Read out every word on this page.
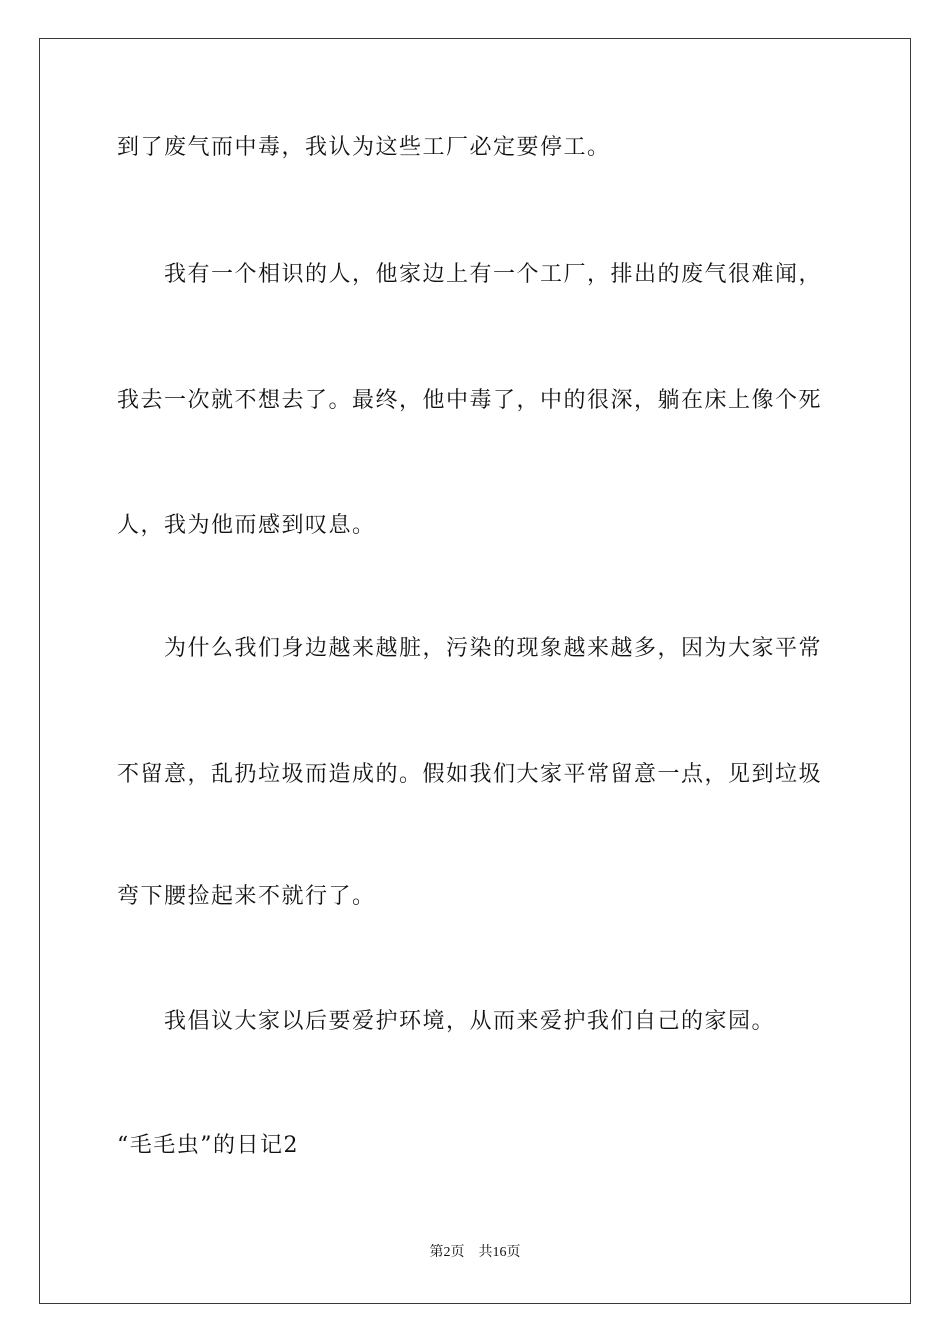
到了废气而中毒，我认为这些工厂必定要停工。
我有一个相识的人，他家边上有一个工厂，排出的废气很难闻，
我去一次就不想去了。最终，他中毒了，中的很深，躺在床上像个死
人，我为他而感到叹息。
为什么我们身边越来越脏，污染的现象越来越多，因为大家平常
不留意，乱扔垃圾而造成的。假如我们大家平常留意一点，见到垃圾
弯下腰捡起来不就行了。
我倡议大家以后要爱护环境，从而来爱护我们自己的家园。
“毛毛虫”的日记2
第2页 共16页
